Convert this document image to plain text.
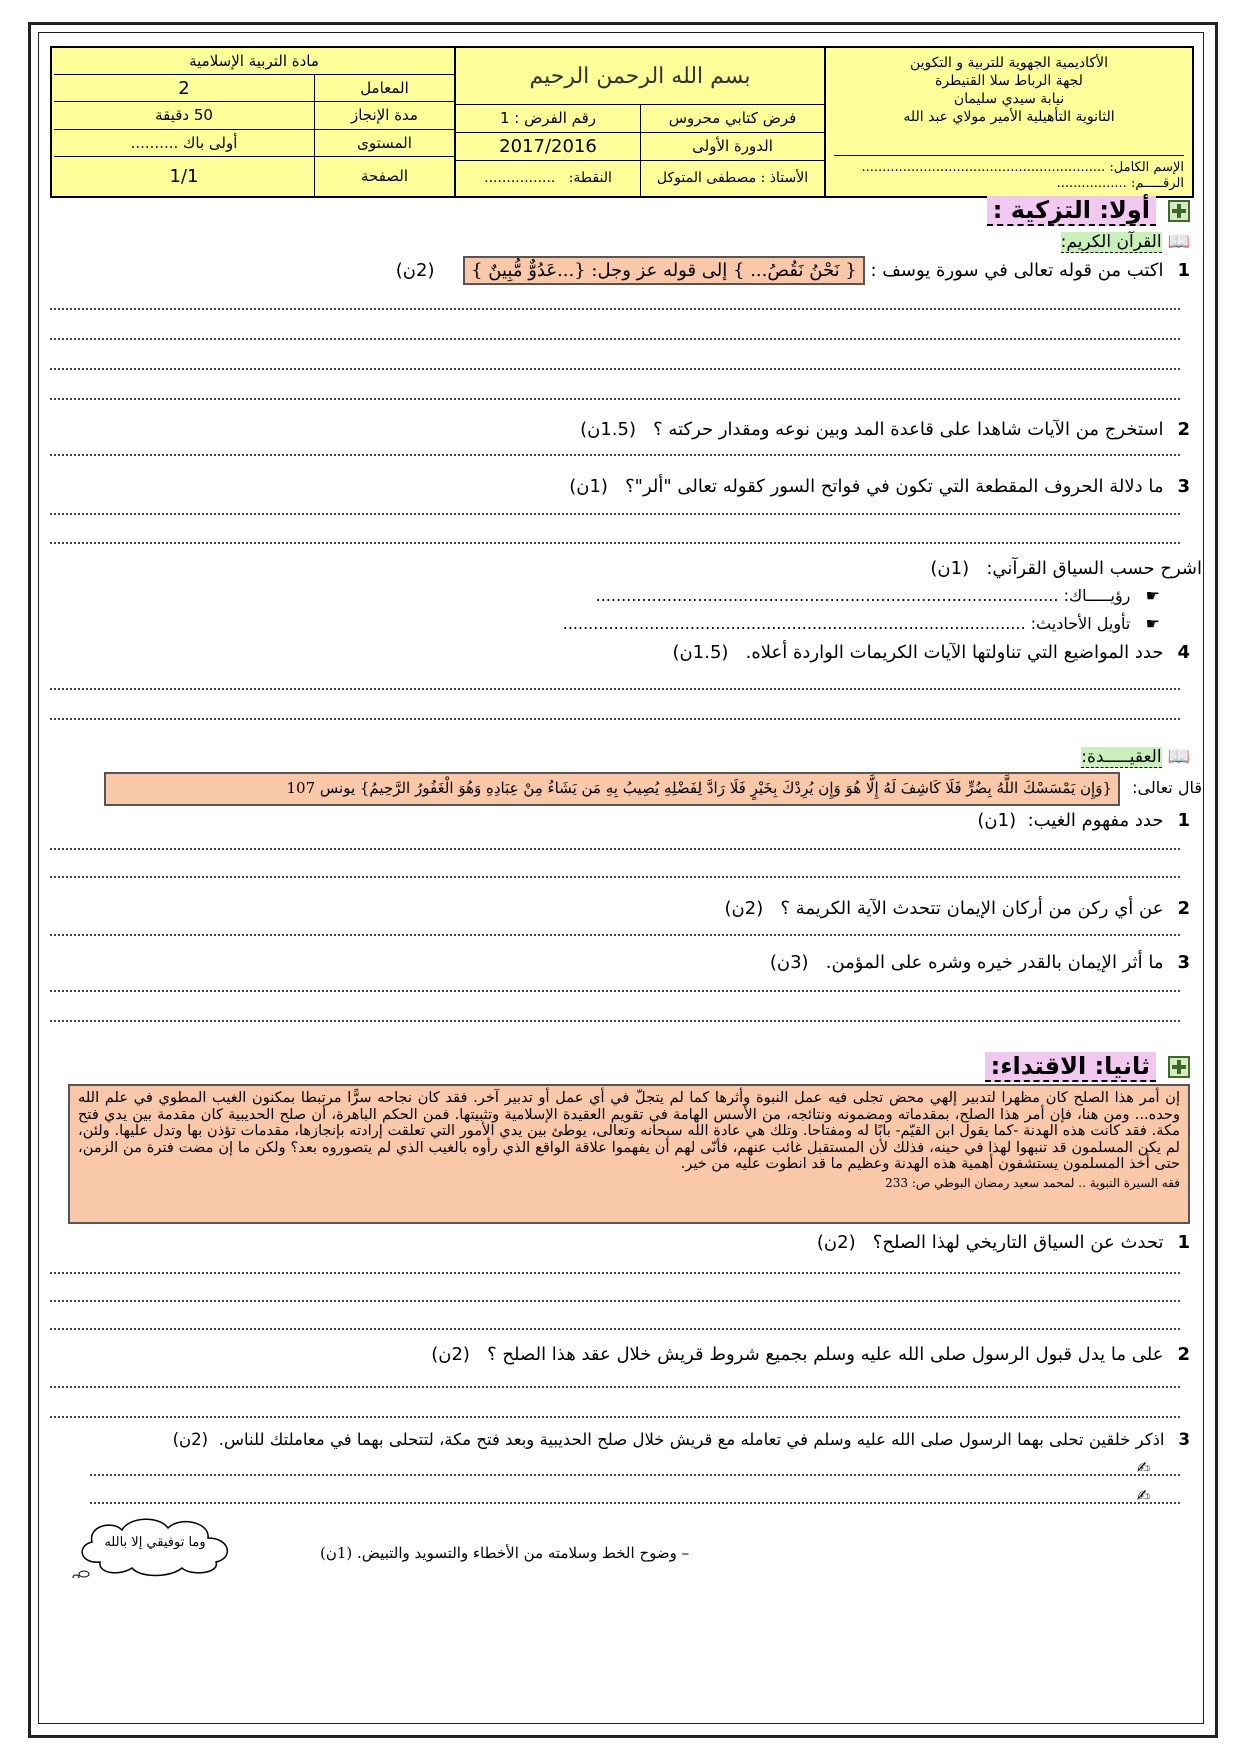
الأكاديمية الجهوية للتربية و التكوين
لجهة الرباط سلا القنيطرة
نيابة سيدي سليمان
الثانوية التأهيلية الأمير مولاي عبد الله
الإسم الكامل: ...........................................................
الرقـــــم: .................
بسم الله الرحمن الرحيم
فرض كتابي محروس
رقم الفرض : 1
الدورة الأولى
2017/2016
الأستاذ : مصطفى المتوكل
النقطة:

................
مادة التربية الإسلامية
المعامل
2
مدة الإنجاز
50 دقيقة
المستوى
أولى باك ..........
الصفحة
1/1
أولا: التزكية :
📖القرآن الكريم:
1اكتب من قوله تعالى في سورة يوسف : { نَحْنُ نَقُصُ... } إلى قوله عز وجل: {...عَدُوٌّ مُّبِينٌ }     (2ن)
2استخرج من الآيات شاهدا على قاعدة المد وبين نوعه ومقدار حركته ؟   (1.5ن)
3ما دلالة الحروف المقطعة التي تكون في فواتح السور كقوله تعالى "ألر"؟   (1ن)
اشرح حسب السياق القرآني:   (1ن)
☛   رؤيـــــاك: ...........................................................................................
☛   تأويل الأحاديث: ...........................................................................................
4حدد المواضيع التي تناولتها الآيات الكريمات الواردة أعلاه.   (1.5ن)
📖العقيـــــدة:
قال تعالى:
{وَإِن يَمْسَسْكَ اللَّهُ بِضُرٍّ فَلَا كَاشِفَ لَهُ إِلَّا هُوَ وَإِن يُرِدْكَ بِخَيْرٍ فَلَا رَادَّ لِفَضْلِهِ يُصِيبُ بِهِ مَن يَشَاءُ مِنْ عِبَادِهِ وَهُوَ الْغَفُورُ الرَّحِيمُ} يونس 107
1حدد مفهوم الغيب:  (1ن)
2عن أي ركن من أركان الإيمان تتحدث الآية الكريمة ؟   (2ن)
3ما أثر الإيمان بالقدر خيره وشره على المؤمن.   (3ن)
ثانيا: الاقتداء:
إن أمر هذا الصلح كان مظهرا لتدبير إلهي محض تجلى فيه عمل النبوة وأثرها كما لم يتجلّ في أي عمل أو تدبير آخر. فقد كان نجاحه سرًّا مرتبطا بمكنون الغيب المطوي في علم الله وحده... ومن هنا، فإن أمر هذا الصلح، بمقدماته ومضمونه ونتائجه، من الأسس الهامة في تقويم العقيدة الإسلامية وتثبيتها. فمن الحكم الباهرة، أن صلح الحديبية كان مقدمة بين يدي فتح مكة. فقد كانت هذه الهدنة -كما يقول ابن القيّم- بابًا له ومفتاحا. وتلك هي عادة الله سبحانه وتعالى، يوطئ بين يدي الأمور التي تعلقت إرادته بإنجازها، مقدمات تؤذن بها وتدل عليها. ولئن، لم يكن المسلمون قد تنبهوا لهذا في حينه، فذلك لأن المستقبل غائب عنهم، فأنّى لهم أن يفهموا علاقة الواقع الذي رأوه بالغيب الذي لم يتصوروه بعد؟ ولكن ما إن مضت فترة من الزمن، حتى أخذ المسلمون يستشفون أهمية هذه الهدنة وعظيم ما قد انطوت عليه من خير.
فقه السيرة النبوية .. لمحمد سعيد رمضان البوطي ص: 233
1تحدث عن السياق التاريخي لهذا الصلح؟   (2ن)
2على ما يدل قبول الرسول صلى الله عليه وسلم بجميع شروط قريش خلال عقد هذا الصلح ؟   (2ن)
3اذكر خلقين تحلى بهما الرسول صلى الله عليه وسلم في تعامله مع قريش خلال صلح الحديبية وبعد فتح مكة، لتتحلى بهما في معاملتك للناس.  (2ن)
✍
✍
وما توفيقي إلا بالله
– وضوح الخط وسلامته من الأخطاء والتسويد والتبيض. (1ن)
